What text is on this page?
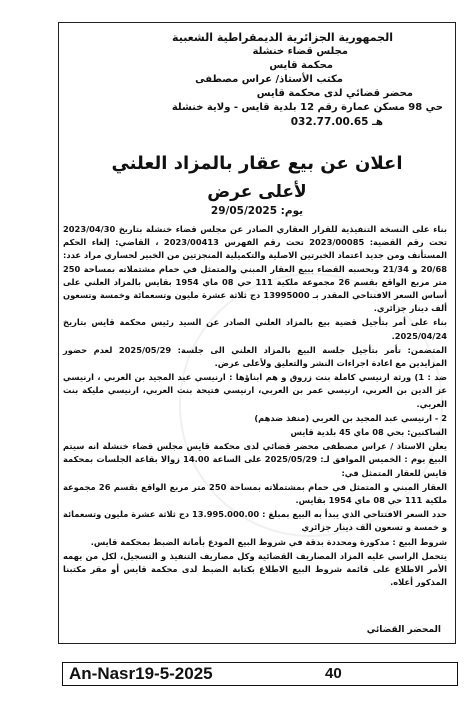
الجمهورية الجزائرية الديمقراطية الشعبية
مجلس قضاء خنشلة
محكمة قايس
مكتب الأستاذ/ عراس مصطفى
محضر قضائي لدى محكمة قايس
حي 98 مسكن عمارة رقم 12 بلدية قايس - ولاية خنشلة
هـ 032.77.00.65
اعلان عن بيع عقار بالمزاد العلني
لأعلى عرض
يوم: 29/05/2025

بناء على النسخة التنفيذية للقرار العقاري الصادر عن مجلس قضاء خنشلة بتاريخ 2023/04/30 تحت رقم القضية: 2023/00085 تحت رقم الفهرس 2023/00413 ، القاضي: إلغاء الحكم المستأنف ومن جديد اعتماد الخبرتين الاصلية والتكميلية المنجزتين من الخبير لحساري مراد عدد: 20/68 و 21/34 وبحسبه القضاء ببيع العقار المبني والمتمثل في حمام مشتملاته بمساحة 250 متر مربع الواقع بقسم 26 مجموعة ملكية 111 حي 08 ماي 1954 بقايس بالمزاد العلني على أساس السعر الافتتاحي المقدر بـ 13995000 دج ثلاثة عشرة مليون وتسعمائة وخمسة وتسعون ألف دينار جزائري.

بناء على أمر بتأجيل قضية بيع بالمزاد العلني الصادر عن السيد رئيس محكمة قايس بتاريخ 2025/04/24.

المتضمن: تأمر بتأجيل جلسة البيع بالمزاد العلني الى جلسة: 2025/05/29 لعدم حضور المزايدين مع اعادة اجراءات النشر والتعليق ولأعلى عرض.

ضد : 1) ورثة ارنيسي كاملة بنت زروق و هم ابناؤها : ارنيسي عبد المجيد بن العربي ، ارنيسي عز الدين بن العربي، ارنيسي عمر بن العربي، ارنيسي فتيحة بنت العربي، ارنيسي مليكة بنت العربي.

2 - ارنيسي عبد المجيد بن العربي (منفذ ضدهم)

الساكنين: بحي 08 ماي 45 بلدية قايس

يعلن الاستاذ / عراس مصطفى محضر قضائي لدى محكمة قايس مجلس قضاء خنشلة انه سيتم البيع يوم : الخميس الموافق لـ: 2025/05/29 على الساعة 14.00 زوالا بقاعة الجلسات بمحكمة قايس للعقار المتمثل في:

العقار المبني و المتمثل في حمام بمشتملاته بمساحة 250 متر مربع الواقع بقسم 26 مجموعة ملكية 111 حي 08 ماي 1954 بقايس.

حدد السعر الافتتاحي الذي يبدأ به البيع بمبلغ : 13.995.000.00 دج ثلاثة عشرة مليون وتسعمائة و خمسة و تسعون الف دينار جزائري

شروط البيع : مدكورة ومحددة بدقة في شروط البيع المودع بأمانة الضبط بمحكمة قايس.

يتحمل الراسي عليه المزاد المصاريف القضائية وكل مصاريف التنفيذ و التسجيل، لكل من يهمه الأمر الاطلاع على قائمة شروط البيع الاطلاع بكتابة الضبط لدى محكمة قايس أو مقر مكتبنا المذكور أعلاه.

المحضر القضائي
An-Nasr19-5-2025	40
